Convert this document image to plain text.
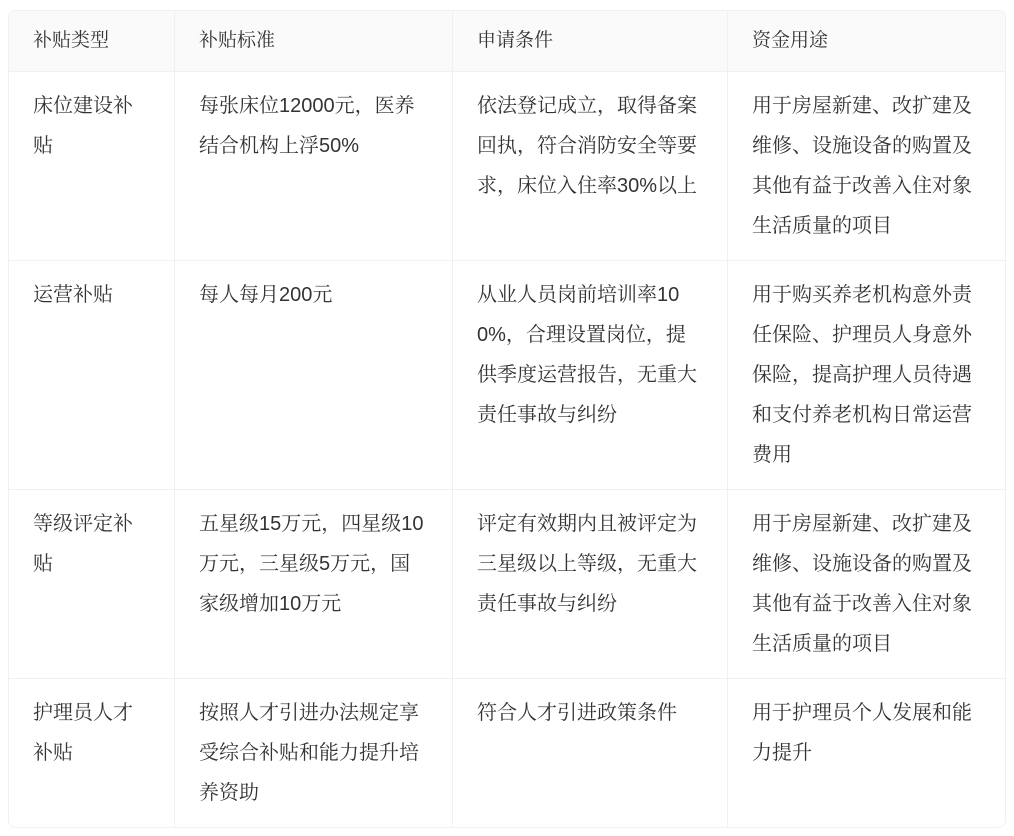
补贴类型	补贴标准	申请条件	资金用途
床位建设补贴	每张床位12000元，医养结合机构上浮50%	依法登记成立，取得备案回执，符合消防安全等要求，床位入住率30%以上	用于房屋新建、改扩建及维修、设施设备的购置及其他有益于改善入住对象生活质量的项目
运营补贴	每人每月200元	从业人员岗前培训率100%，合理设置岗位，提供季度运营报告，无重大责任事故与纠纷	用于购买养老机构意外责任保险、护理员人身意外保险，提高护理人员待遇和支付养老机构日常运营费用
等级评定补贴	五星级15万元，四星级10万元，三星级5万元，国家级增加10万元	评定有效期内且被评定为三星级以上等级，无重大责任事故与纠纷	用于房屋新建、改扩建及维修、设施设备的购置及其他有益于改善入住对象生活质量的项目
护理员人才补贴	按照人才引进办法规定享受综合补贴和能力提升培养资助	符合人才引进政策条件	用于护理员个人发展和能力提升
